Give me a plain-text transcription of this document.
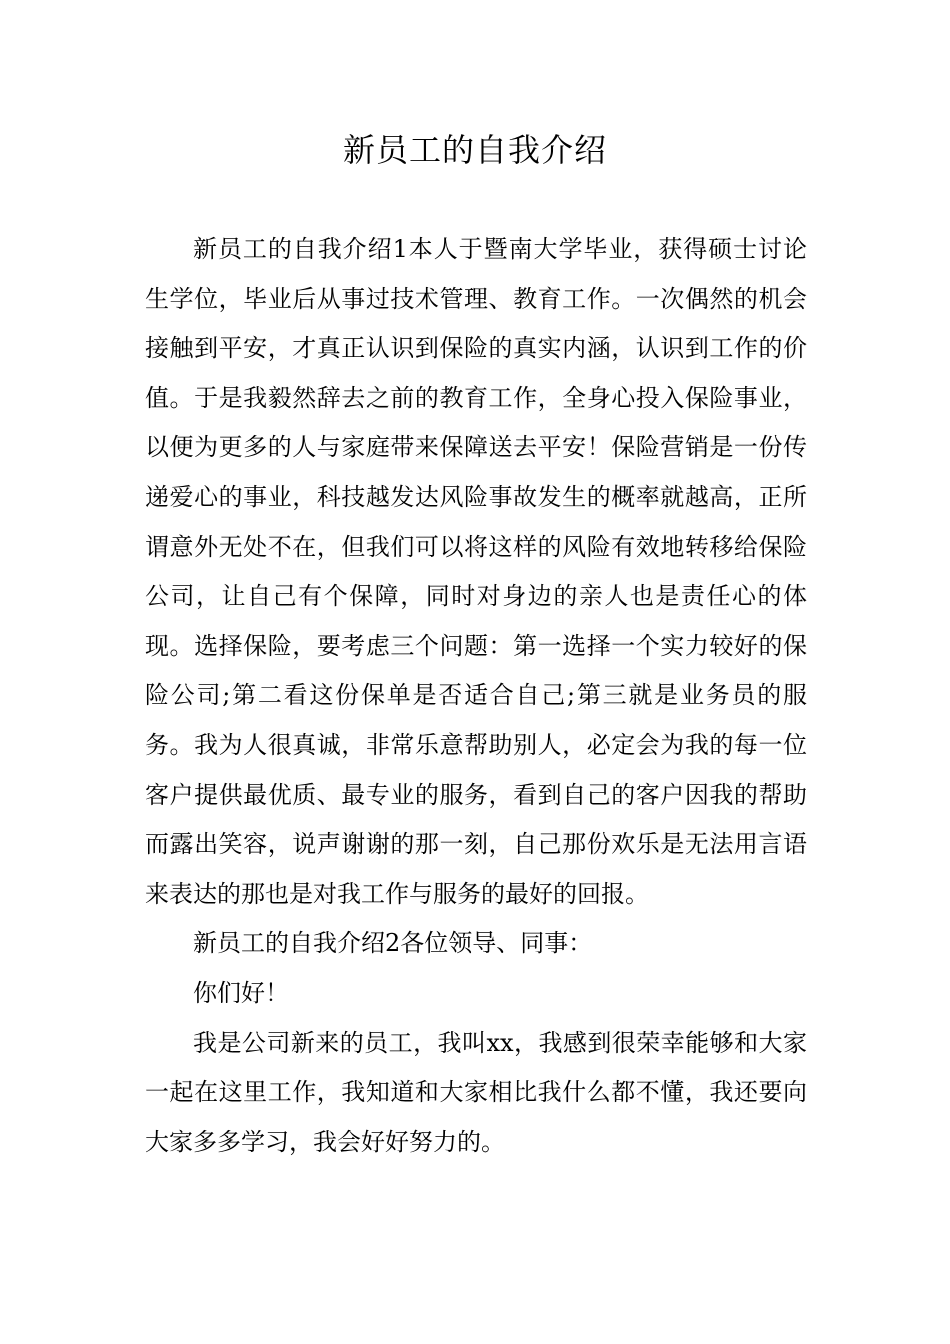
新员工的自我介绍

新员工的自我介绍1本人于暨南大学毕业，获得硕士讨论生学位，毕业后从事过技术管理、教育工作。一次偶然的机会接触到平安，才真正认识到保险的真实内涵，认识到工作的价值。于是我毅然辞去之前的教育工作，全身心投入保险事业，以便为更多的人与家庭带来保障送去平安！保险营销是一份传递爱心的事业，科技越发达风险事故发生的概率就越高，正所谓意外无处不在，但我们可以将这样的风险有效地转移给保险公司，让自己有个保障，同时对身边的亲人也是责任心的体现。选择保险，要考虑三个问题：第一选择一个实力较好的保险公司;第二看这份保单是否适合自己;第三就是业务员的服务。我为人很真诚，非常乐意帮助别人，必定会为我的每一位客户提供最优质、最专业的服务，看到自己的客户因我的帮助而露出笑容，说声谢谢的那一刻，自己那份欢乐是无法用言语来表达的那也是对我工作与服务的最好的回报。

新员工的自我介绍2各位领导、同事：

你们好！

我是公司新来的员工，我叫xx，我感到很荣幸能够和大家一起在这里工作，我知道和大家相比我什么都不懂，我还要向大家多多学习，我会好好努力的。
